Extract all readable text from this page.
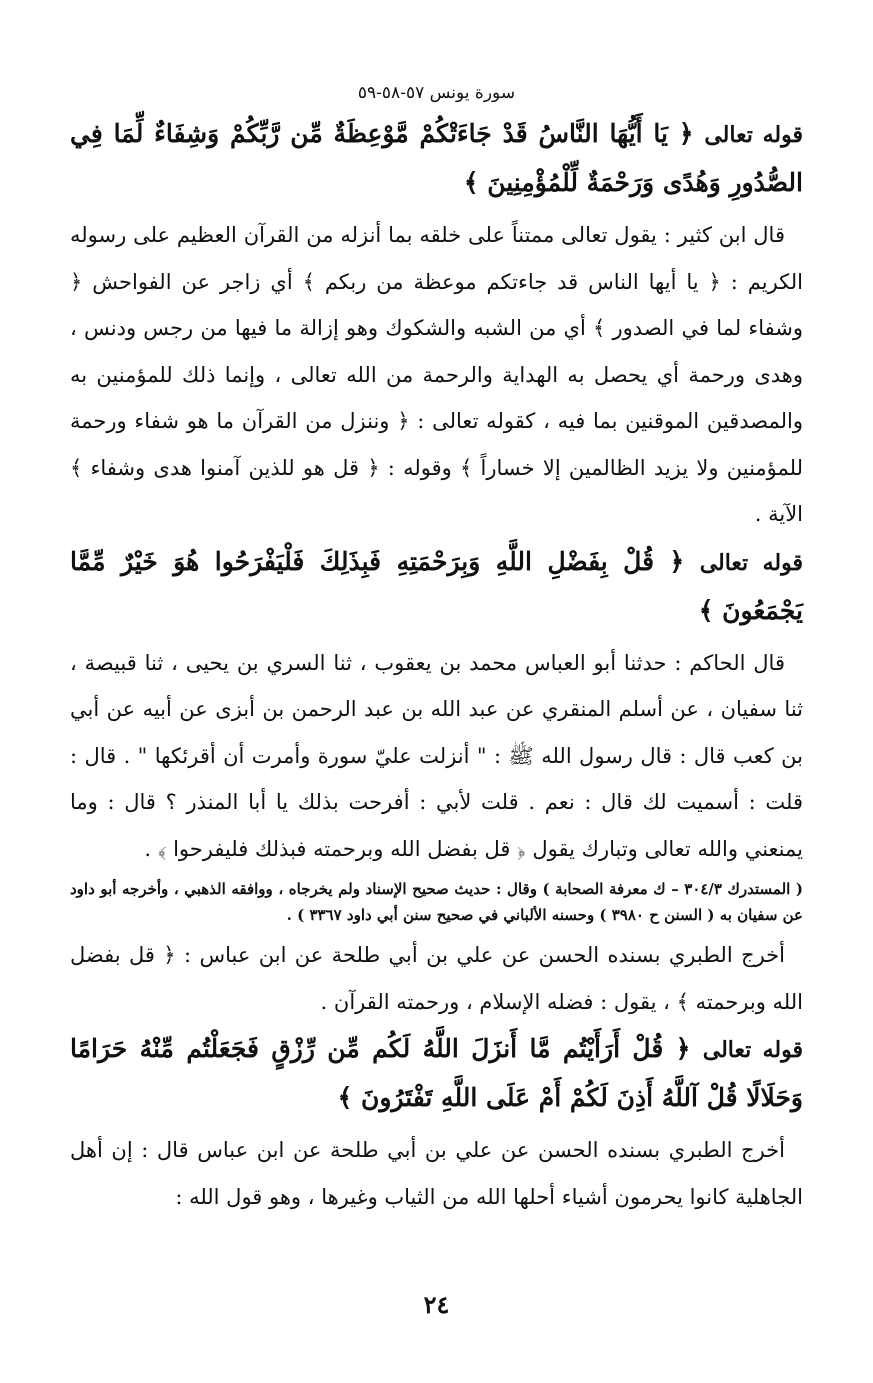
سورة يونس ٥٧-٥٨-٥٩
قوله تعالى ﴿ يَا أَيُّهَا النَّاسُ قَدْ جَاءَتْكُمْ مَّوْعِظَةٌ مِّن رَّبِّكُمْ وَشِفَاءٌ لِّمَا فِي الصُّدُورِ وَهُدًى وَرَحْمَةٌ لِّلْمُؤْمِنِينَ ﴾

قال ابن كثير : يقول تعالى ممتناً على خلقه بما أنزله من القرآن العظيم على رسوله الكريم : ﴿ يا أيها الناس قد جاءتكم موعظة من ربكم ﴾ أي زاجر عن الفواحش ﴿ وشفاء لما في الصدور ﴾ أي من الشبه والشكوك وهو إزالة ما فيها من رجس ودنس ، وهدى ورحمة أي يحصل به الهداية والرحمة من الله تعالى ، وإنما ذلك للمؤمنين به والمصدقين الموقنين بما فيه ، كقوله تعالى : ﴿ وننزل من القرآن ما هو شفاء ورحمة للمؤمنين ولا يزيد الظالمين إلا خساراً ﴾ وقوله : ﴿ قل هو للذين آمنوا هدى وشفاء ﴾ الآية .

قوله تعالى ﴿ قُلْ بِفَضْلِ اللَّهِ وَبِرَحْمَتِهِ فَبِذَلِكَ فَلْيَفْرَحُوا هُوَ خَيْرٌ مِّمَّا يَجْمَعُونَ ﴾

قال الحاكم : حدثنا أبو العباس محمد بن يعقوب ، ثنا السري بن يحيى ، ثنا قبيصة ، ثنا سفيان ، عن أسلم المنقري عن عبد الله بن عبد الرحمن بن أبزى عن أبيه عن أبي بن كعب قال : قال رسول الله ﷺ : " أنزلت عليّ سورة وأمرت أن أقرئكها " . قال : قلت : أسميت لك قال : نعم . قلت لأبي : أفرحت بذلك يا أبا المنذر ؟ قال : وما يمنعني والله تعالى وتبارك يقول ﴿ قل بفضل الله وبرحمته فبذلك فليفرحوا ﴾ .

( المستدرك ٣٠٤/٣ – ك معرفة الصحابة ) وقال : حديث صحيح الإسناد ولم يخرجاه ، ووافقه الذهبي ، وأخرجه أبو داود عن سفيان به ( السنن ح ٣٩٨٠ ) وحسنه الألباني في صحيح سنن أبي داود ٣٣٦٧ ) .

أخرج الطبري بسنده الحسن عن علي بن أبي طلحة عن ابن عباس : ﴿ قل بفضل الله وبرحمته ﴾ ، يقول : فضله الإسلام ، ورحمته القرآن .

قوله تعالى ﴿ قُلْ أَرَأَيْتُم مَّا أَنزَلَ اللَّهُ لَكُم مِّن رِّزْقٍ فَجَعَلْتُم مِّنْهُ حَرَامًا وَحَلَالًا قُلْ آللَّهُ أَذِنَ لَكُمْ أَمْ عَلَى اللَّهِ تَفْتَرُونَ ﴾

أخرج الطبري بسنده الحسن عن علي بن أبي طلحة عن ابن عباس قال : إن أهل الجاهلية كانوا يحرمون أشياء أحلها الله من الثياب وغيرها ، وهو قول الله :

٢٤
